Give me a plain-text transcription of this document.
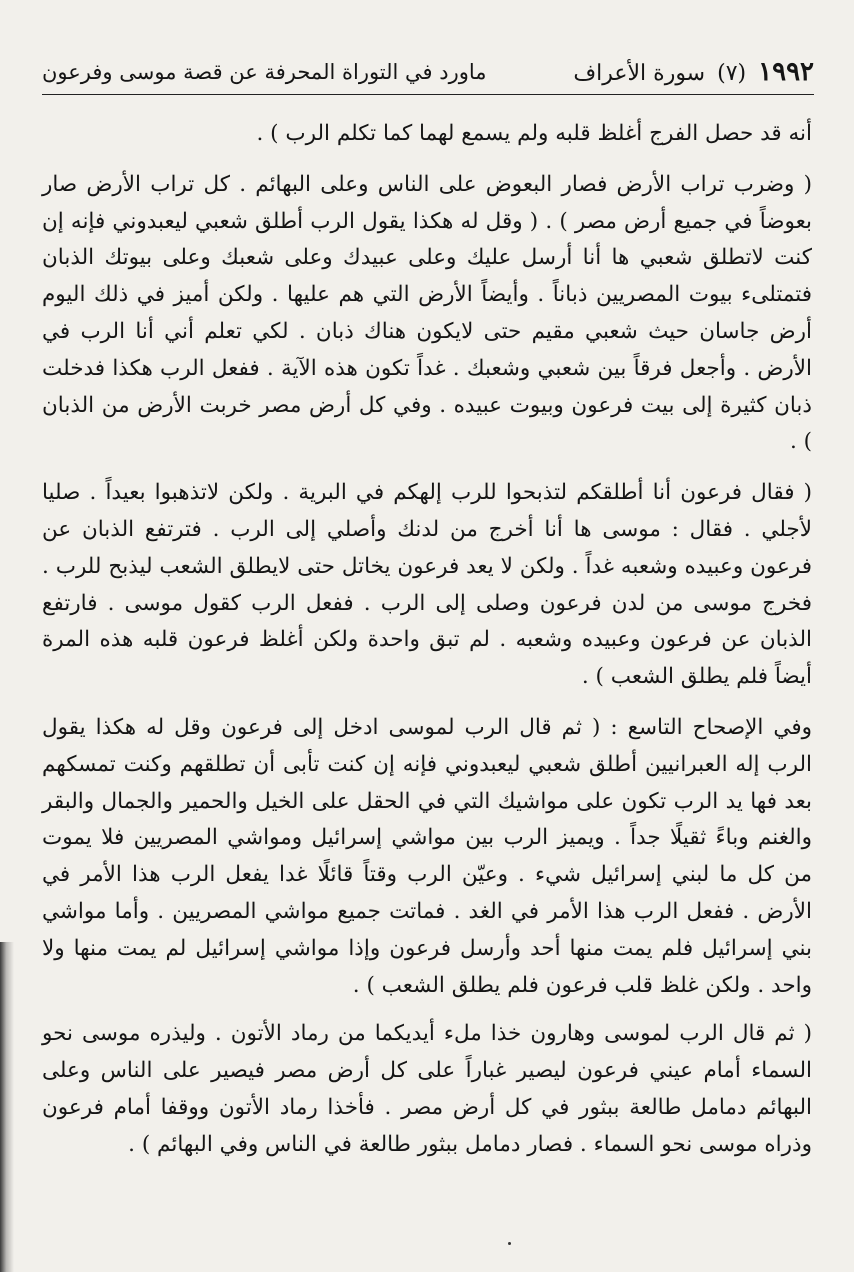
١٩٩٢
(٧)
سورة الأعراف
ماورد في التوراة المحرفة عن قصة موسى وفرعون

أنه قد حصل الفرج أغلظ قلبه ولم يسمع لهما كما تكلم الرب ) .

( وضرب تراب الأرض فصار البعوض على الناس وعلى البهائم . كل تراب الأرض صار بعوضاً في جميع أرض مصر ) . ( وقل له هكذا يقول الرب أطلق شعبي ليعبدوني فإنه إن كنت لاتطلق شعبي ها أنا أرسل عليك وعلى عبيدك وعلى شعبك وعلى بيوتك الذبان فتمتلىء بيوت المصريين ذباناً . وأيضاً الأرض التي هم عليها . ولكن أميز في ذلك اليوم أرض جاسان حيث شعبي مقيم حتى لايكون هناك ذبان . لكي تعلم أني أنا الرب في الأرض . وأجعل فرقاً بين شعبي وشعبك . غداً تكون هذه الآية . ففعل الرب هكذا فدخلت ذبان كثيرة إلى بيت فرعون وبيوت عبيده . وفي كل أرض مصر خربت الأرض من الذبان ) .

( فقال فرعون أنا أطلقكم لتذبحوا للرب إلهكم في البرية . ولكن لاتذهبوا بعيداً . صليا لأجلي . فقال : موسى ها أنا أخرج من لدنك وأصلي إلى الرب . فترتفع الذبان عن فرعون وعبيده وشعبه غداً . ولكن لا يعد فرعون يخاتل حتى لايطلق الشعب ليذبح للرب . فخرج موسى من لدن فرعون وصلى إلى الرب . ففعل الرب كقول موسى . فارتفع الذبان عن فرعون وعبيده وشعبه . لم تبق واحدة ولكن أغلظ فرعون قلبه هذه المرة أيضاً فلم يطلق الشعب ) .

وفي الإصحاح التاسع : ( ثم قال الرب لموسى ادخل إلى فرعون وقل له هكذا يقول الرب إله العبرانيين أطلق شعبي ليعبدوني فإنه إن كنت تأبى أن تطلقهم وكنت تمسكهم بعد فها يد الرب تكون على مواشيك التي في الحقل على الخيل والحمير والجمال والبقر والغنم وباءً ثقيلًا جداً . ويميز الرب بين مواشي إسرائيل ومواشي المصريين فلا يموت من كل ما لبني إسرائيل شيء . وعيّن الرب وقتاً قائلًا غدا يفعل الرب هذا الأمر في الأرض . ففعل الرب هذا الأمر في الغد . فماتت جميع مواشي المصريين . وأما مواشي بني إسرائيل فلم يمت منها أحد وأرسل فرعون وإذا مواشي إسرائيل لم يمت منها ولا واحد . ولكن غلظ قلب فرعون فلم يطلق الشعب ) .

( ثم قال الرب لموسى وهارون خذا ملء أيديكما من رماد الأتون . وليذره موسى نحو السماء أمام عيني فرعون ليصير غباراً على كل أرض مصر فيصير على الناس وعلى البهائم دمامل طالعة ببثور في كل أرض مصر . فأخذا رماد الأتون ووقفا أمام فرعون وذراه موسى نحو السماء . فصار دمامل ببثور طالعة في الناس وفي البهائم ) .
